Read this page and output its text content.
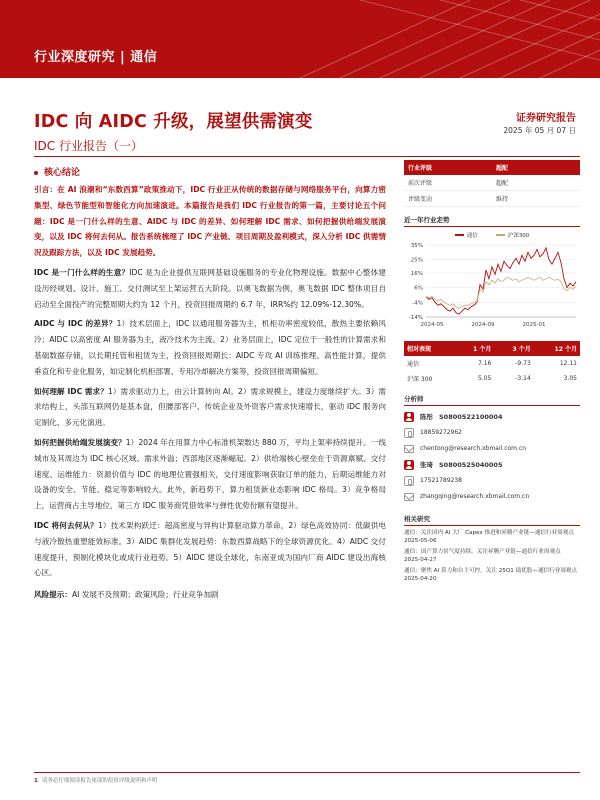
行业深度研究 | 通信
IDC 向 AIDC 升级，展望供需演变	证券研究报告
2025 年 05 月 07 日
IDC 行业报告（一）
核心结论
引言：在 AI 浪潮和“东数西算”政策推动下，IDC 行业正从传统的数据存储与网络服务平台，向算力密集型、绿色节能型和智能化方向加速演进。本篇报告是我们 IDC 行业报告的第一篇，主要讨论五个问题：IDC 是一门什么样的生意、AIDC 与 IDC 的差异、如何理解 IDC 需求、如何把握供给端发展演变，以及 IDC 将何去何从。报告系统梳理了 IDC 产业链、项目周期及盈利模式，深入分析 IDC 供需情况及跟踪方法，以及 IDC 发展趋势。
IDC 是一门什么样的生意？IDC 是为企业提供互联网基础设施服务的专业化物理设施。数据中心整体建设历经规划、设计、施工、交付测试至上架运营五大阶段。以奥飞数据为例，奥飞数据 IDC 整体项目自启动至全面投产的完整周期大约为 12 个月，投资回报周期约 6.7 年，IRR%约 12.09%-12.30%。
AIDC 与 IDC 的差异？1）技术层面上，IDC 以通用服务器为主，机柜功率密度较低，散热主要依赖风冷；AIDC 以高密度 AI 服务器为主，液冷技术为主流。2）业务层面上，IDC 定位于一般性的计算需求和基础数据存储，以长期托管和租赁为主，投资回报周期长；AIDC 专攻 AI 训练推理、高性能计算，提供垂直化和专业化服务，如定制化机柜部署、专用冷却解决方案等，投资回报周期偏短。
如何理解 IDC 需求？1）需求驱动力上，由云计算转向 AI。2）需求规模上，建设力度继续扩大。3）需求结构上，头部互联网仍是基本盘，但腰部客户、传统企业及外资客户需求快速增长，驱动 IDC 服务向定制化、多元化演进。
如何把握供给端发展演变？1）2024 年在用算力中心标准机架数达 880 万，平均上架率持续提升。一线城市及其周边为 IDC 核心区域、需求外溢；西部地区逐渐崛起。2）供给端核心壁垒在于资源禀赋、交付速度、运维能力：资源价值与 IDC 的地理位置强相关，交付速度影响获取订单的能力，后期运维能力对设备的安全、节能、稳定等影响较大。此外，新趋势下，算力租赁新业态影响 IDC 格局。3）竞争格局上，运营商占主导地位，第三方 IDC 服务商凭借效率与弹性优势份额有望提升。
IDC 将何去何从？1）技术架构跃迁：超高密度与异构计算驱动算力革命，2）绿色高效协同：低碳供电与液冷散热重塑能效标准。3）AIDC 集群化发展趋势：东数西算战略下的全球资源优化。4）AIDC 交付速度提升，预制化模块化或成行业趋势。5）AIDC 建设全球化，东南亚成为国内厂商 AIDC 建设出海核心区。
风险提示：AI 发展不及预期；政策风险；行业竞争加剧
行业评级	超配
前次评级	超配
评级变动	维持
近一年行业走势
通信	沪深300
35%
25%
16%
6%
-4%
-14%
2024-05	2024-09	2025-01
相对表现	1 个月	3 个月	12 个月
通信	7.16	-9.73	12.11
沪深 300	5.05	-3.14	3.05
分析师
陈彤 S0800522100004
18859272962
chentong@research.xbmail.com.cn
张琦 S0800525040005
17521789238
zhangqing@research.xbmail.com.cn
相关研究
通信：关注国内 AI 大厂 Capex 推进和昇腾产业链—通信行业周观点　2025-05-06
通信：国产算力景气度持续，关注昇腾产业链—通信行业周观点　2025-04-27
通信：聚焦 AI 算力和自主可控，关注 25Q1 绩优股—通信行业周观点　2025-04-20
1 请务必仔细阅读报告尾部的投资评级说明和声明
